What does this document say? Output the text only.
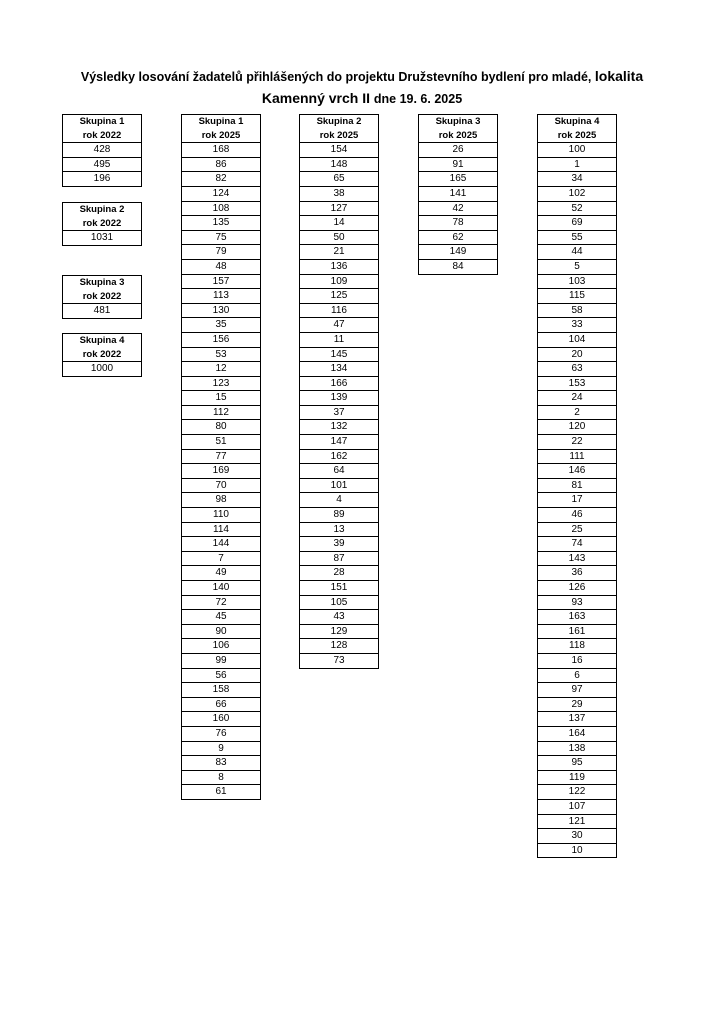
Výsledky losování žadatelů přihlášených do projektu Družstevního bydlení pro mladé, lokalita
Kamenný vrch II dne 19. 6. 2025
Skupina 1
rok 2022
428
495
196
Skupina 2
rok 2022
1031
Skupina 3
rok 2022
481
Skupina 4
rok 2022
1000
Skupina 1
rok 2025
168
86
82
124
108
135
75
79
48
157
113
130
35
156
53
12
123
15
112
80
51
77
169
70
98
110
114
144
7
49
140
72
45
90
106
99
56
158
66
160
76
9
83
8
61
Skupina 2
rok 2025
154
148
65
38
127
14
50
21
136
109
125
116
47
11
145
134
166
139
37
132
147
162
64
101
4
89
13
39
87
28
151
105
43
129
128
73
Skupina 3
rok 2025
26
91
165
141
42
78
62
149
84
Skupina 4
rok 2025
100
1
34
102
52
69
55
44
5
103
115
58
33
104
20
63
153
24
2
120
22
111
146
81
17
46
25
74
143
36
126
93
163
161
118
16
6
97
29
137
164
138
95
119
122
107
121
30
10
